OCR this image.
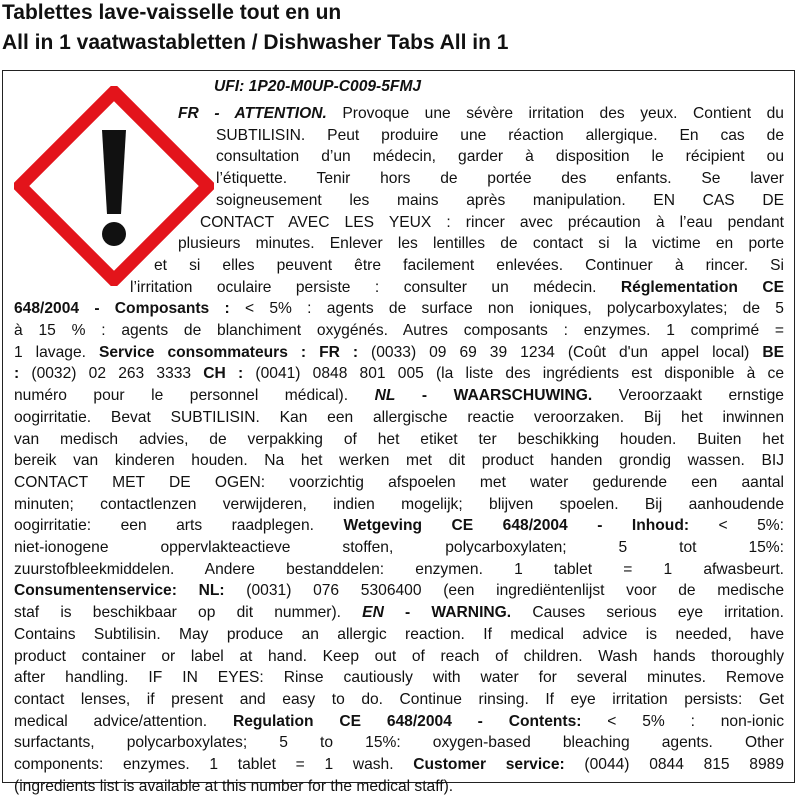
Tablettes lave-vaisselle tout en un
All in 1 vaatwastabletten / Dishwasher Tabs All in 1
UFI: 1P20-M0UP-C009-5FMJ
FR - ATTENTION. Provoque une sévère irritation des yeux. Contient du
SUBTILISIN. Peut produire une réaction allergique. En cas de
consultation d’un médecin, garder à disposition le récipient ou
l’étiquette. Tenir hors de portée des enfants. Se laver
soigneusement les mains après manipulation. EN CAS DE
CONTACT AVEC LES YEUX : rincer avec précaution à l’eau pendant
plusieurs minutes. Enlever les lentilles de contact si la victime en porte
et si elles peuvent être facilement enlevées. Continuer à rincer. Si
l’irritation oculaire persiste : consulter un médecin. Réglementation CE
648/2004 - Composants : < 5% : agents de surface non ioniques, polycarboxylates; de 5
à 15 % : agents de blanchiment oxygénés. Autres composants : enzymes. 1 comprimé =
1 lavage. Service consommateurs : FR : (0033) 09 69 39 1234 (Coût d'un appel local) BE
: (0032) 02 263 3333 CH : (0041) 0848 801 005 (la liste des ingrédients est disponible à ce
numéro pour le personnel médical). NL - WAARSCHUWING. Veroorzaakt ernstige
oogirritatie. Bevat SUBTILISIN. Kan een allergische reactie veroorzaken. Bij het inwinnen
van medisch advies, de verpakking of het etiket ter beschikking houden. Buiten het
bereik van kinderen houden. Na het werken met dit product handen grondig wassen. BIJ
CONTACT MET DE OGEN: voorzichtig afspoelen met water gedurende een aantal
minuten; contactlenzen verwijderen, indien mogelijk; blijven spoelen. Bij aanhoudende
oogirritatie: een arts raadplegen. Wetgeving CE 648/2004 - Inhoud: < 5%:
niet-ionogene oppervlakteactieve stoffen, polycarboxylaten; 5 tot 15%:
zuurstofbleekmiddelen. Andere bestanddelen: enzymen. 1 tablet = 1 afwasbeurt.
Consumentenservice: NL: (0031) 076 5306400 (een ingrediëntenlijst voor de medische
staf is beschikbaar op dit nummer). EN - WARNING. Causes serious eye irritation.
Contains Subtilisin. May produce an allergic reaction. If medical advice is needed, have
product container or label at hand. Keep out of reach of children. Wash hands thoroughly
after handling. IF IN EYES: Rinse cautiously with water for several minutes. Remove
contact lenses, if present and easy to do. Continue rinsing. If eye irritation persists: Get
medical advice/attention. Regulation CE 648/2004 - Contents: < 5% : non-ionic
surfactants, polycarboxylates; 5 to 15%: oxygen-based bleaching agents. Other
components: enzymes. 1 tablet = 1 wash. Customer service: (0044) 0844 815 8989
(ingredients list is available at this number for the medical staff).
